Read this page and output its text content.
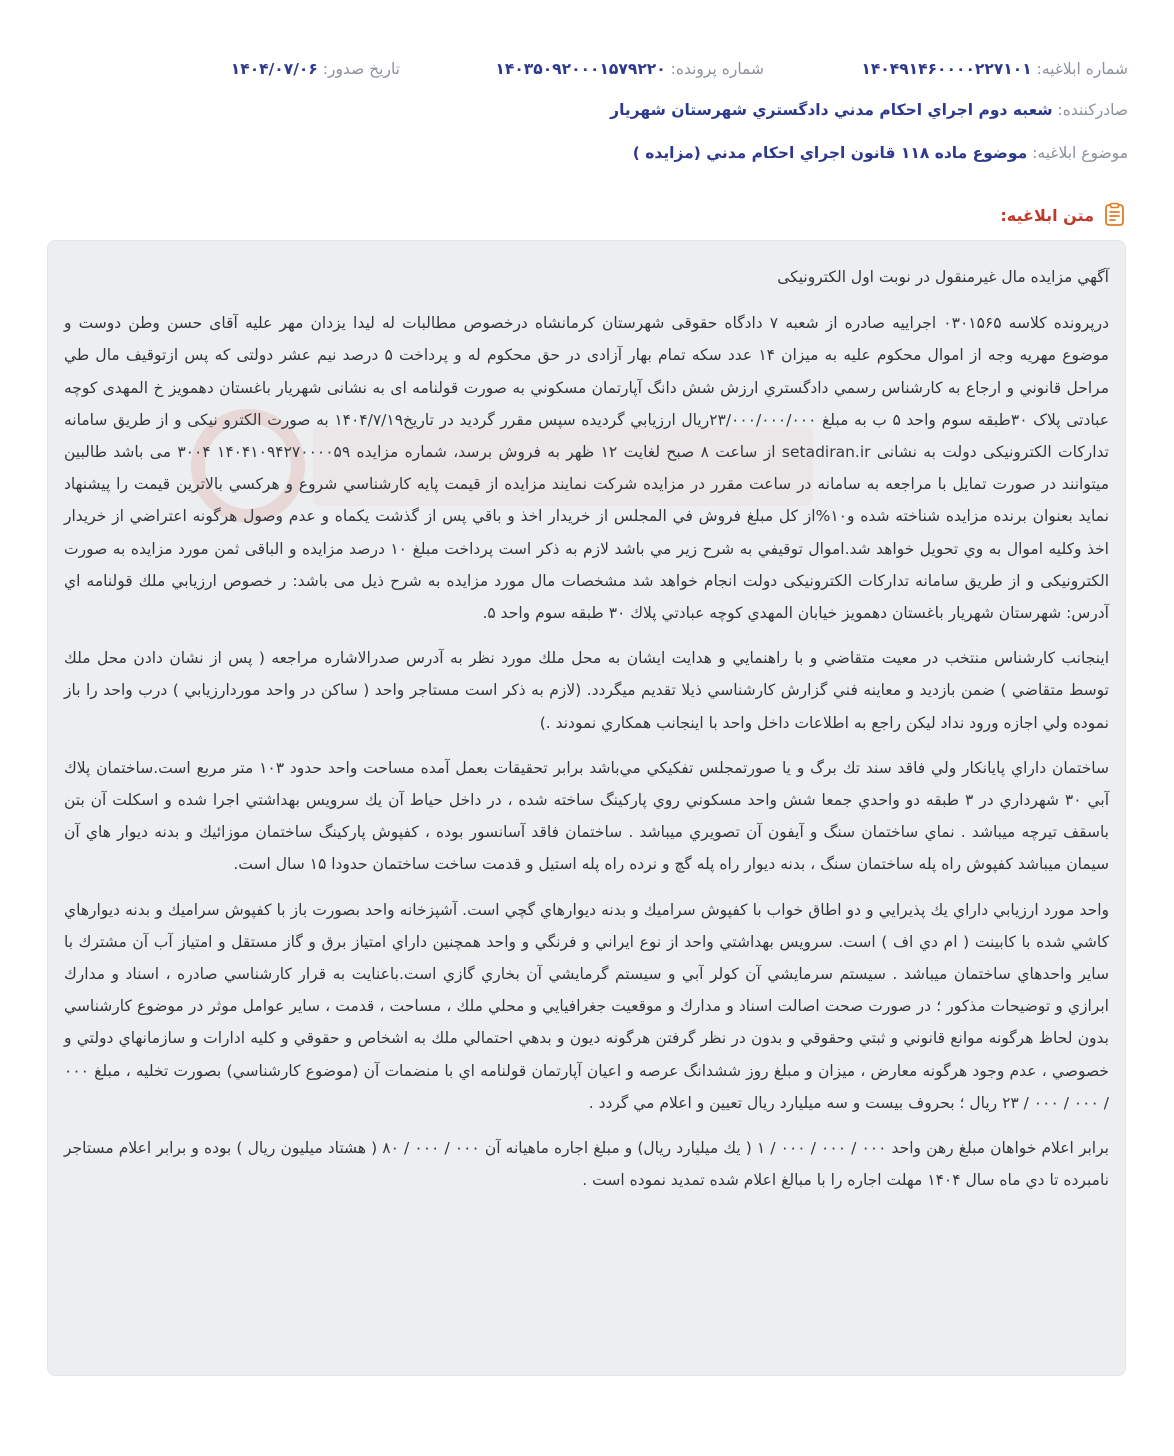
شماره ابلاغیه: ۱۴۰۴۹۱۴۶۰۰۰۰۲۲۷۱۰۱
شماره پرونده: ۱۴۰۳۵۰۹۲۰۰۰۱۵۷۹۲۲۰
تاریخ صدور: ۱۴۰۴/۰۷/۰۶
صادرکننده: شعبه دوم اجراي احكام مدني دادگستري شهرستان شهريار
موضوع ابلاغیه: موضوع ماده ۱۱۸ قانون اجراي احكام مدني (مزايده )
متن ابلاغیه:

آگهي مزايده مال غيرمنقول در نوبت اول الكترونيكی

درپرونده كلاسه ۰۳۰۱۵۶۵ اجرايیه صادره از شعبه ۷ دادگاه حقوقی شهرستان كرمانشاه درخصوص مطالبات له ليدا يزدان مهر عليه آقای حسن وطن دوست و موضوع مهريه وجه از اموال محكوم عليه به ميزان ۱۴ عدد سكه تمام بهار آزادی در حق محكوم له و پرداخت ۵ درصد نيم عشر دولتی كه پس ازتوقيف مال طي مراحل قانوني و ارجاع به كارشناس رسمي دادگستري ارزش شش دانگ آپارتمان مسكوني به صورت قولنامه ای به نشانی شهريار باغستان دهمويز خ المهدی كوچه عبادتی پلاک ۳۰طبقه سوم واحد ۵ ب به مبلغ ۲۳/۰۰۰/۰۰۰/۰۰۰ريال ارزيابي گرديده سپس مقرر گرديد در تاريخ۱۴۰۴/۷/۱۹ به صورت الكترو نيكی و از طريق سامانه تداركات الكترونيكی دولت به نشانی setadiran.ir از ساعت ۸ صبح لغايت ۱۲ ظهر به فروش برسد، شماره مزايده ۱۴۰۴۱۰۹۴۲۷۰۰۰۰۵۹ ۳۰۰۴ می باشد طالبين ميتوانند در صورت تمايل با مراجعه به سامانه در ساعت مقرر در مزايده شركت نمايند مزايده از قيمت پايه كارشناسي شروع و هركسي بالاترين قيمت را پيشنهاد نمايد بعنوان برنده مزايده شناخته شده و۱۰%از كل مبلغ فروش في المجلس از خريدار اخذ و باقي پس از گذشت يكماه و عدم وصول هرگونه اعتراضي از خريدار اخذ وكليه اموال به وي تحويل خواهد شد.اموال توقيفي به شرح زير مي باشد لازم به ذكر است پرداخت مبلغ ۱۰ درصد مزايده و الباقی ثمن مورد مزايده به صورت الكترونيكی و از طريق سامانه تداركات الكترونيكی دولت انجام خواهد شد مشخصات مال مورد مزايده به شرح ذيل می باشد: ر خصوص ارزيابي ملك قولنامه اي آدرس: شهرستان شهريار باغستان دهمويز خيابان المهدي كوچه عبادتي پلاك ۳۰ طبقه سوم واحد ۵.

اينجانب كارشناس منتخب در معيت متقاضي و با راهنمايي و هدايت ايشان به محل ملك مورد نظر به آدرس صدرالاشاره مراجعه ( پس از نشان دادن محل ملك توسط متقاضي ) ضمن بازديد و معاينه فني گزارش كارشناسي ذيلا تقديم ميگردد. (لازم به ذكر است مستاجر واحد ( ساكن در واحد موردارزيابي ) درب واحد را باز نموده ولي اجازه ورود نداد ليكن راجع به اطلاعات داخل واحد با اينجانب همكاري نمودند .)

ساختمان داراي پايانكار ولي فاقد سند تك برگ و يا صورتمجلس تفكيكي مي‌باشد برابر تحقيقات بعمل آمده مساحت واحد حدود ۱۰۳ متر مربع است.ساختمان پلاك آبي ۳۰ شهرداري در ۳ طبقه دو واحدي جمعا شش واحد مسكوني روي پاركينگ ساخته شده ، در داخل حياط آن يك سرويس بهداشتي اجرا شده و اسكلت آن بتن باسقف تيرچه ميباشد . نماي ساختمان سنگ و آيفون آن تصويري ميباشد . ساختمان فاقد آسانسور بوده ، كفپوش پاركينگ ساختمان موزائيك و بدنه ديوار هاي آن سيمان ميباشد كفپوش راه پله ساختمان سنگ ، بدنه ديوار راه پله گچ و نرده راه پله استيل و قدمت ساخت ساختمان حدودا ۱۵ سال است.

واحد مورد ارزيابي داراي يك پذيرايي و دو اطاق خواب با كفپوش سراميك و بدنه ديوارهاي گچي است. آشپزخانه واحد بصورت باز با كفپوش سراميك و بدنه ديوارهاي كاشي شده با كابينت ( ام دي اف ) است. سرويس بهداشتي واحد از نوع ايراني و فرنگي و واحد همچنين داراي امتياز برق و گاز مستقل و امتياز آب آن مشترك با ساير واحدهاي ساختمان ميباشد . سيستم سرمايشي آن كولر آبي و سيستم گرمايشي آن بخاري گازي است.باعنايت به قرار كارشناسي صادره ، اسناد و مدارك ابرازي و توضيحات مذكور ؛ در صورت صحت اصالت اسناد و مدارك و موقعيت جغرافيايي و محلي ملك ، مساحت ، قدمت ، ساير عوامل موثر در موضوع كارشناسي بدون لحاظ هرگونه موانع قانوني و ثبتي وحقوقي و بدون در نظر گرفتن هرگونه ديون و بدهي احتمالي ملك به اشخاص و حقوقي و كليه ادارات و سازمانهاي دولتي و خصوصي ، عدم وجود هرگونه معارض ، ميزان و مبلغ روز ششدانگ عرصه و اعيان آپارتمان قولنامه اي با منضمات آن (موضوع كارشناسي) بصورت تخليه ، مبلغ ۰۰۰ / ۰۰۰ / ۰۰۰ / ۲۳ ريال ؛ بحروف بيست و سه ميليارد ريال تعيين و اعلام مي گردد .

برابر اعلام خواهان مبلغ رهن واحد ۰۰۰ / ۰۰۰ / ۰۰۰ / ۱ ( يك ميليارد ريال) و مبلغ اجاره ماهيانه آن ۰۰۰ / ۰۰۰ / ۸۰ ( هشتاد ميليون ريال ) بوده و برابر اعلام مستاجر نامبرده تا دي ماه سال ۱۴۰۴ مهلت اجاره را با مبالغ اعلام شده تمديد نموده است .
